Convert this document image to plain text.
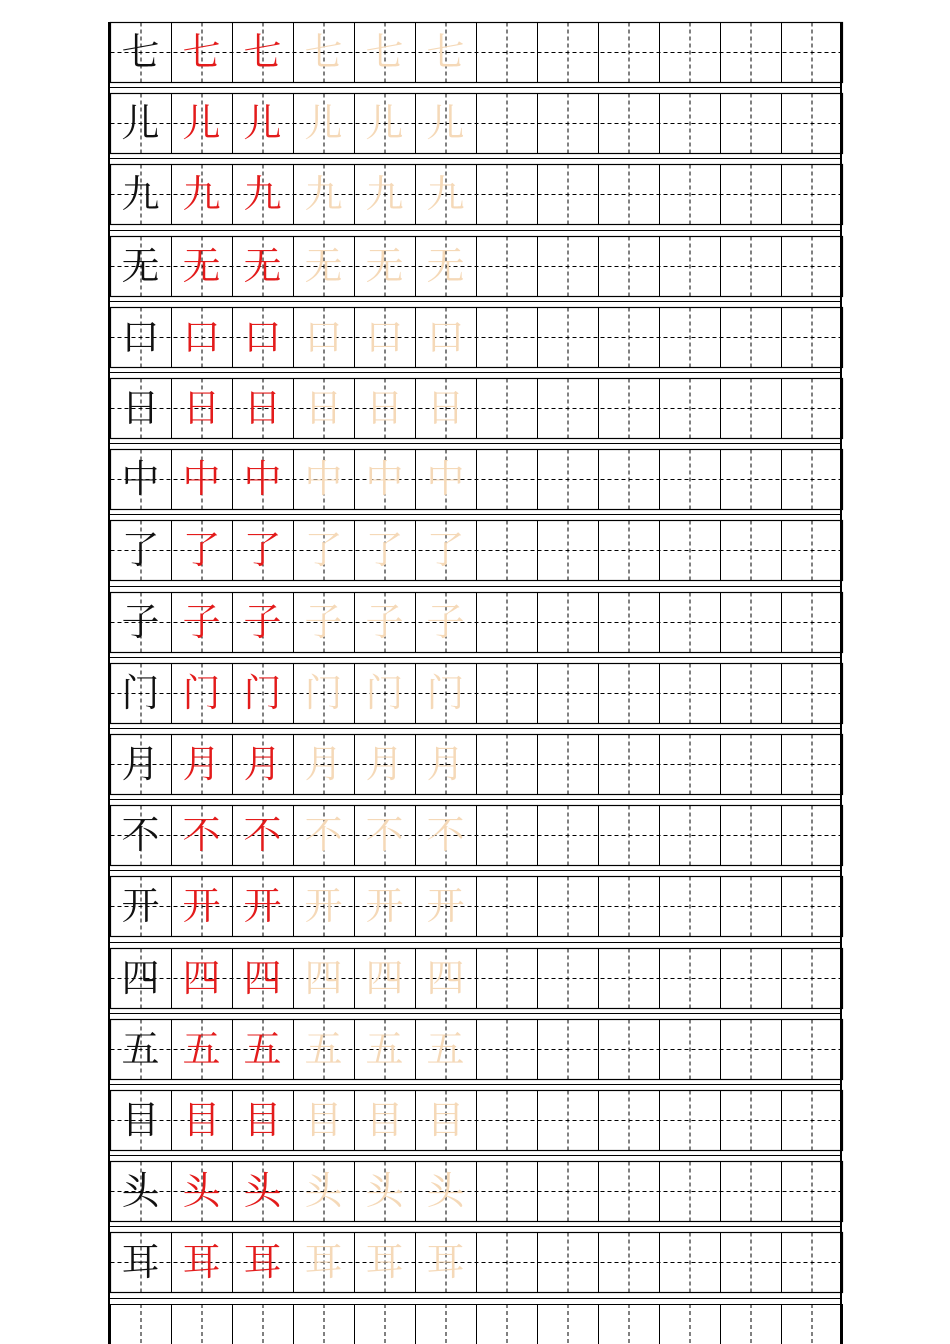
七 七 七 七 七 七
儿 儿 儿 儿 儿 儿
九 九 九 九 九 九
无 无 无 无 无 无
口 口 口 口 口 口
日 日 日 日 日 日
中 中 中 中 中 中
了 了 了 了 了 了
子 子 子 子 子 子
门 门 门 门 门 门
月 月 月 月 月 月
不 不 不 不 不 不
开 开 开 开 开 开
四 四 四 四 四 四
五 五 五 五 五 五
目 目 目 目 目 目
头 头 头 头 头 头
耳 耳 耳 耳 耳 耳
